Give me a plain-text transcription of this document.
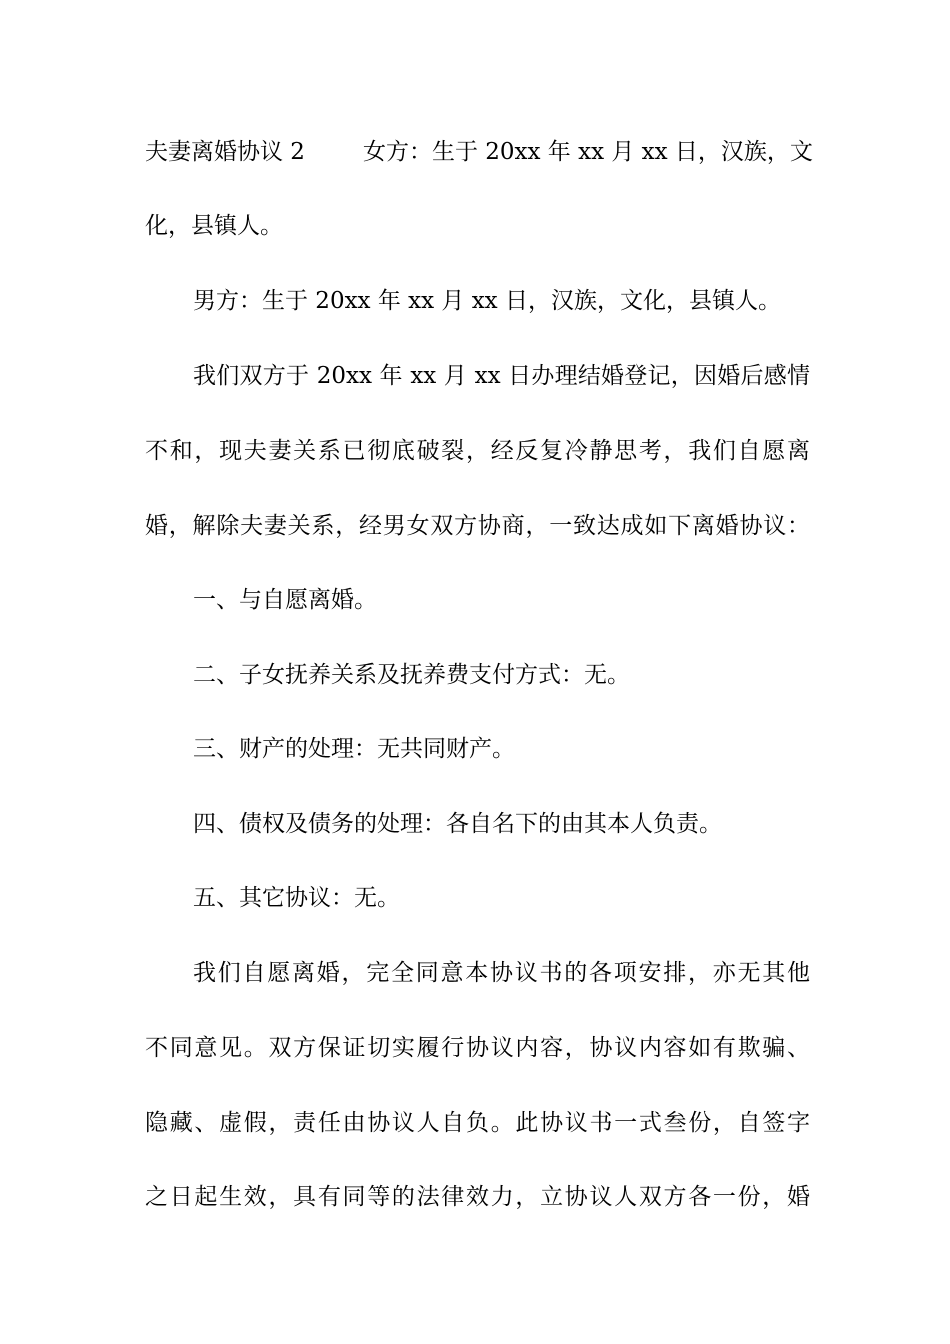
夫妻离婚协议 2	女方：生于 20xx 年 xx 月 xx 日，汉族，文
化，县镇人。
男方：生于 20xx 年 xx 月 xx 日，汉族，文化，县镇人。
我们双方于 20xx 年 xx 月 xx 日办理结婚登记，因婚后感情
不和，现夫妻关系已彻底破裂，经反复冷静思考，我们自愿离
婚，解除夫妻关系，经男女双方协商，一致达成如下离婚协议：
一、与自愿离婚。
二、子女抚养关系及抚养费支付方式：无。
三、财产的处理：无共同财产。
四、债权及债务的处理：各自名下的由其本人负责。
五、其它协议：无。
我们自愿离婚，完全同意本协议书的各项安排，亦无其他
不同意见。双方保证切实履行协议内容，协议内容如有欺骗、
隐藏、虚假，责任由协议人自负。此协议书一式叁份，自签字
之日起生效，具有同等的法律效力，立协议人双方各一份，婚
